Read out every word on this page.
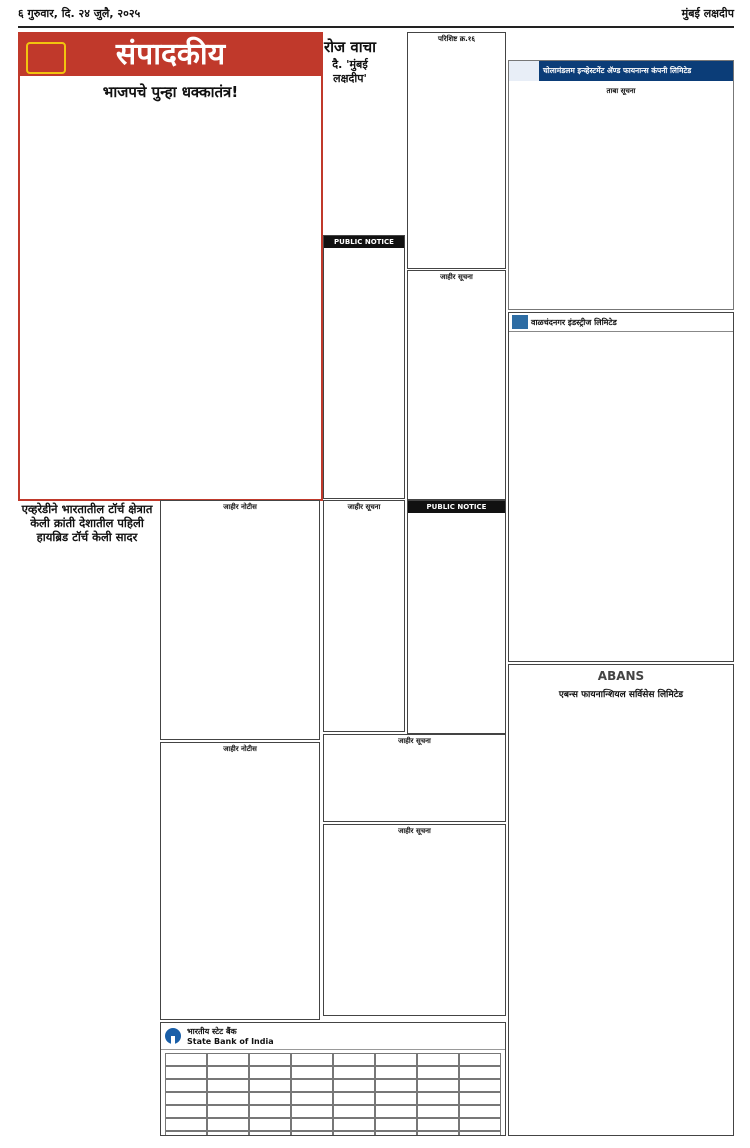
६ गुरुवार, दि. २४ जुलै, २०२५	मुंबई लक्षदीप
संपादकीय
भाजपचे पुन्हा धक्कातंत्र!
रोज वाचा
दै. 'मुंबई लक्षदीप'
PUBLIC NOTICE
परिशिष्ट क्र.१६
जाहीर सूचना
चोलामंडलम इन्व्हेस्टमेंट ॲण्ड फायनान्स कंपनी लिमिटेड
ताबा सूचना
वाळचंदनगर इंडस्ट्रीज लिमिटेड
ABANS
एबन्स फायनान्शियल सर्विसेस लिमिटेड
PUBLIC NOTICE
जाहीर सूचना
जाहीर सूचना
जाहीर नोटीस
जाहीर नोटीस
एव्हरेडीने भारतातील टॉर्च क्षेत्रात केली क्रांती देशातील पहिली हायब्रिड टॉर्च केली सादर
जाहीर सूचना
भारतीय स्टेट बैंक
State Bank of India
